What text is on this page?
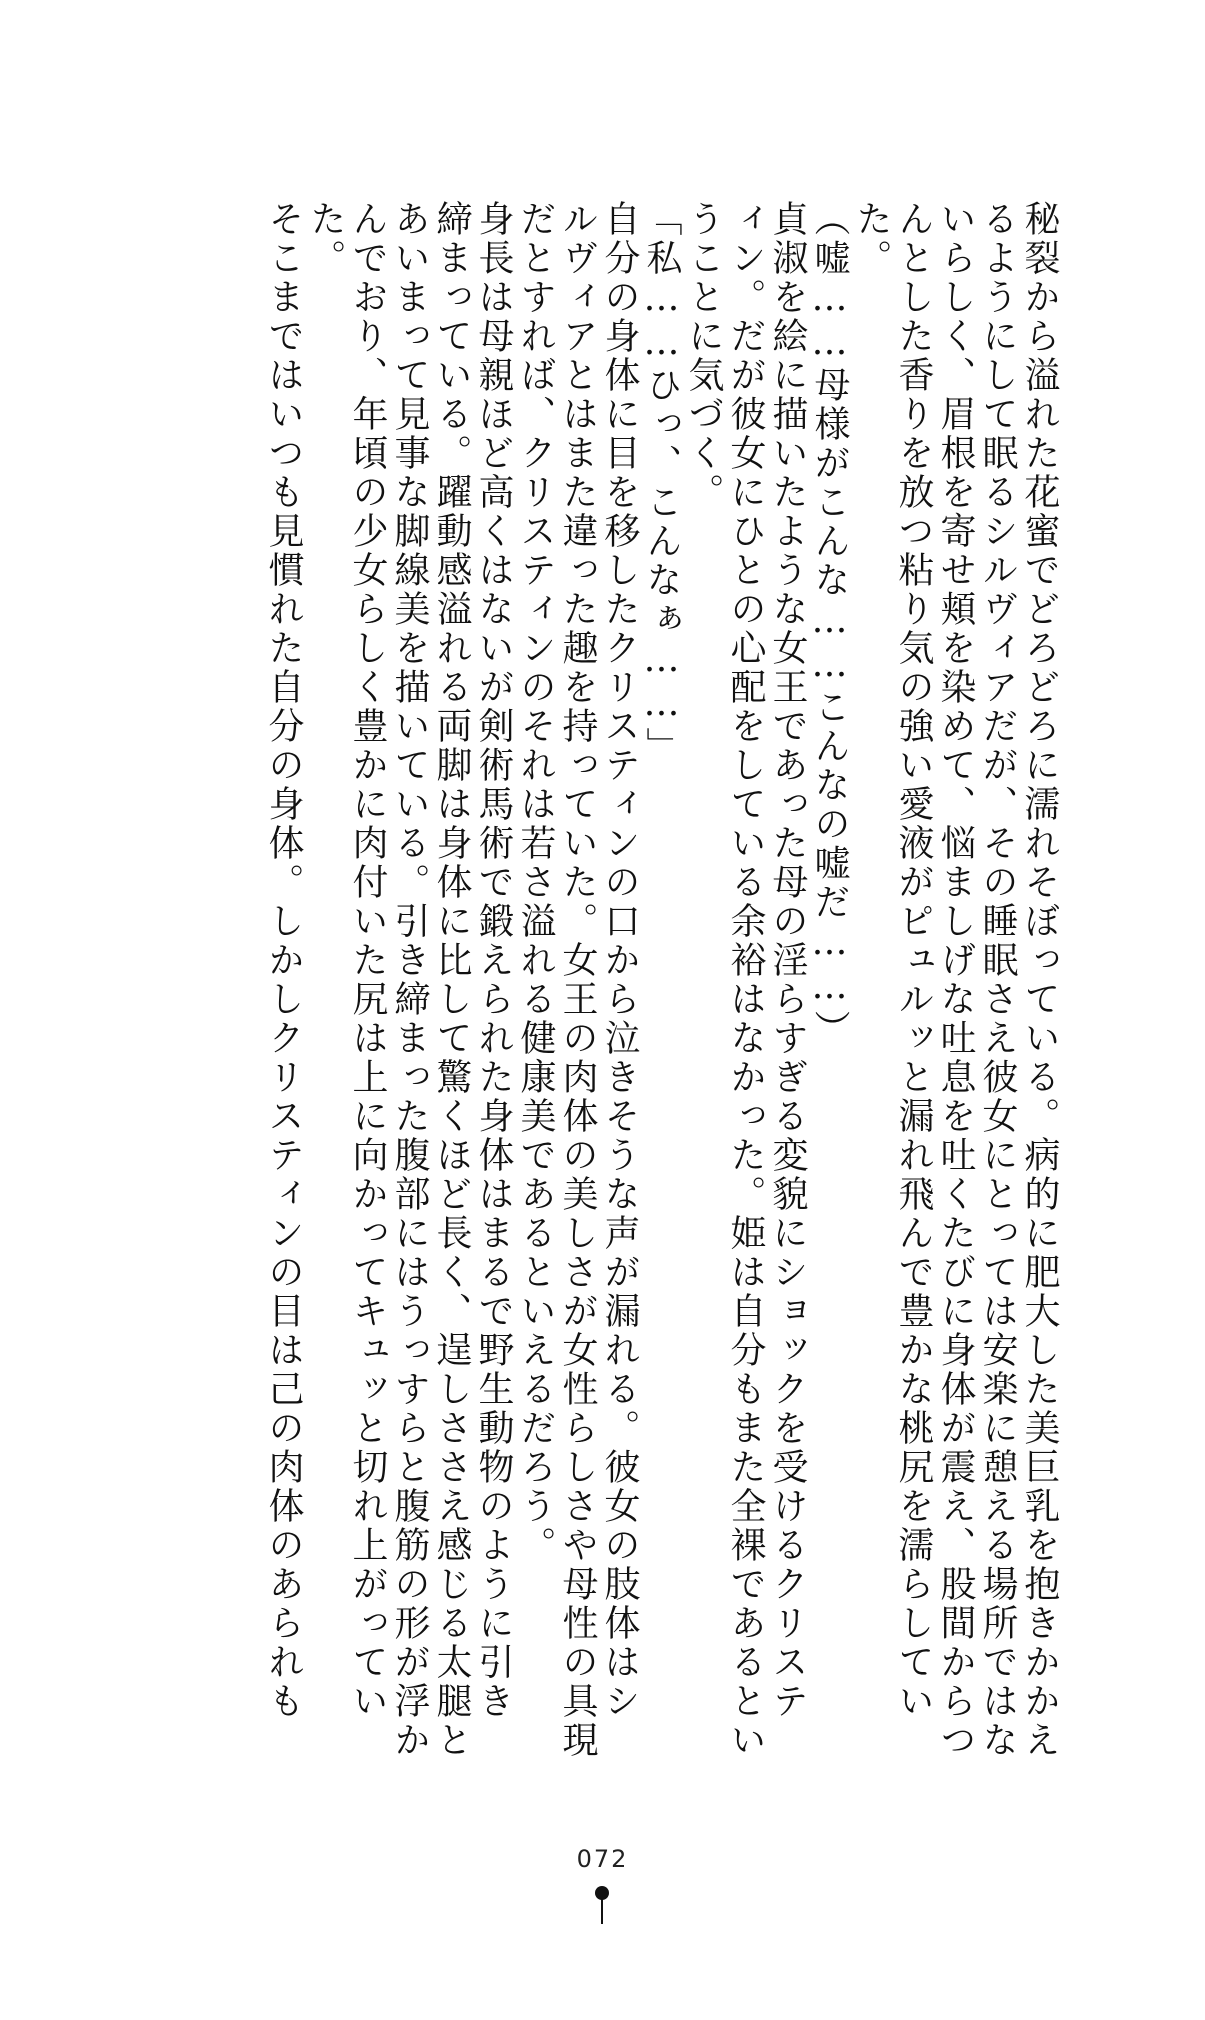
秘裂から溢れた花蜜でどろどろに濡れそぼっている。病的に肥大した美巨乳を抱きかかえ

るようにして眠るシルヴィアだが、その睡眠さえ彼女にとっては安楽に憩える場所ではな

いらしく、眉根を寄せ頬を染めて、悩ましげな吐息を吐くたびに身体が震え、股間からつ

んとした香りを放つ粘り気の強い愛液がピュルッと漏れ飛んで豊かな桃尻を濡らしていた。

（嘘……母様がこんな……こんなの嘘だ……）

貞淑を絵に描いたような女王であった母の淫らすぎる変貌にショックを受けるクリステ

ィン。だが彼女にひとの心配をしている余裕はなかった。姫は自分もまた全裸であるとい

うことに気づく。

「私……ひっ、こんなぁ……」

自分の身体に目を移したクリスティンの口から泣きそうな声が漏れる。彼女の肢体はシ

ルヴィアとはまた違った趣を持っていた。女王の肉体の美しさが女性らしさや母性の具現

だとすれば、クリスティンのそれは若さ溢れる健康美であるといえるだろう。

身長は母親ほど高くはないが剣術馬術で鍛えられた身体はまるで野生動物のように引き

締まっている。躍動感溢れる両脚は身体に比して驚くほど長く、逞しささえ感じる太腿と

あいまって見事な脚線美を描いている。引き締まった腹部にはうっすらと腹筋の形が浮か

んでおり、年頃の少女らしく豊かに肉付いた尻は上に向かってキュッと切れ上がっていた。

そこまではいつも見慣れた自分の身体。しかしクリスティンの目は己の肉体のあられも

072
